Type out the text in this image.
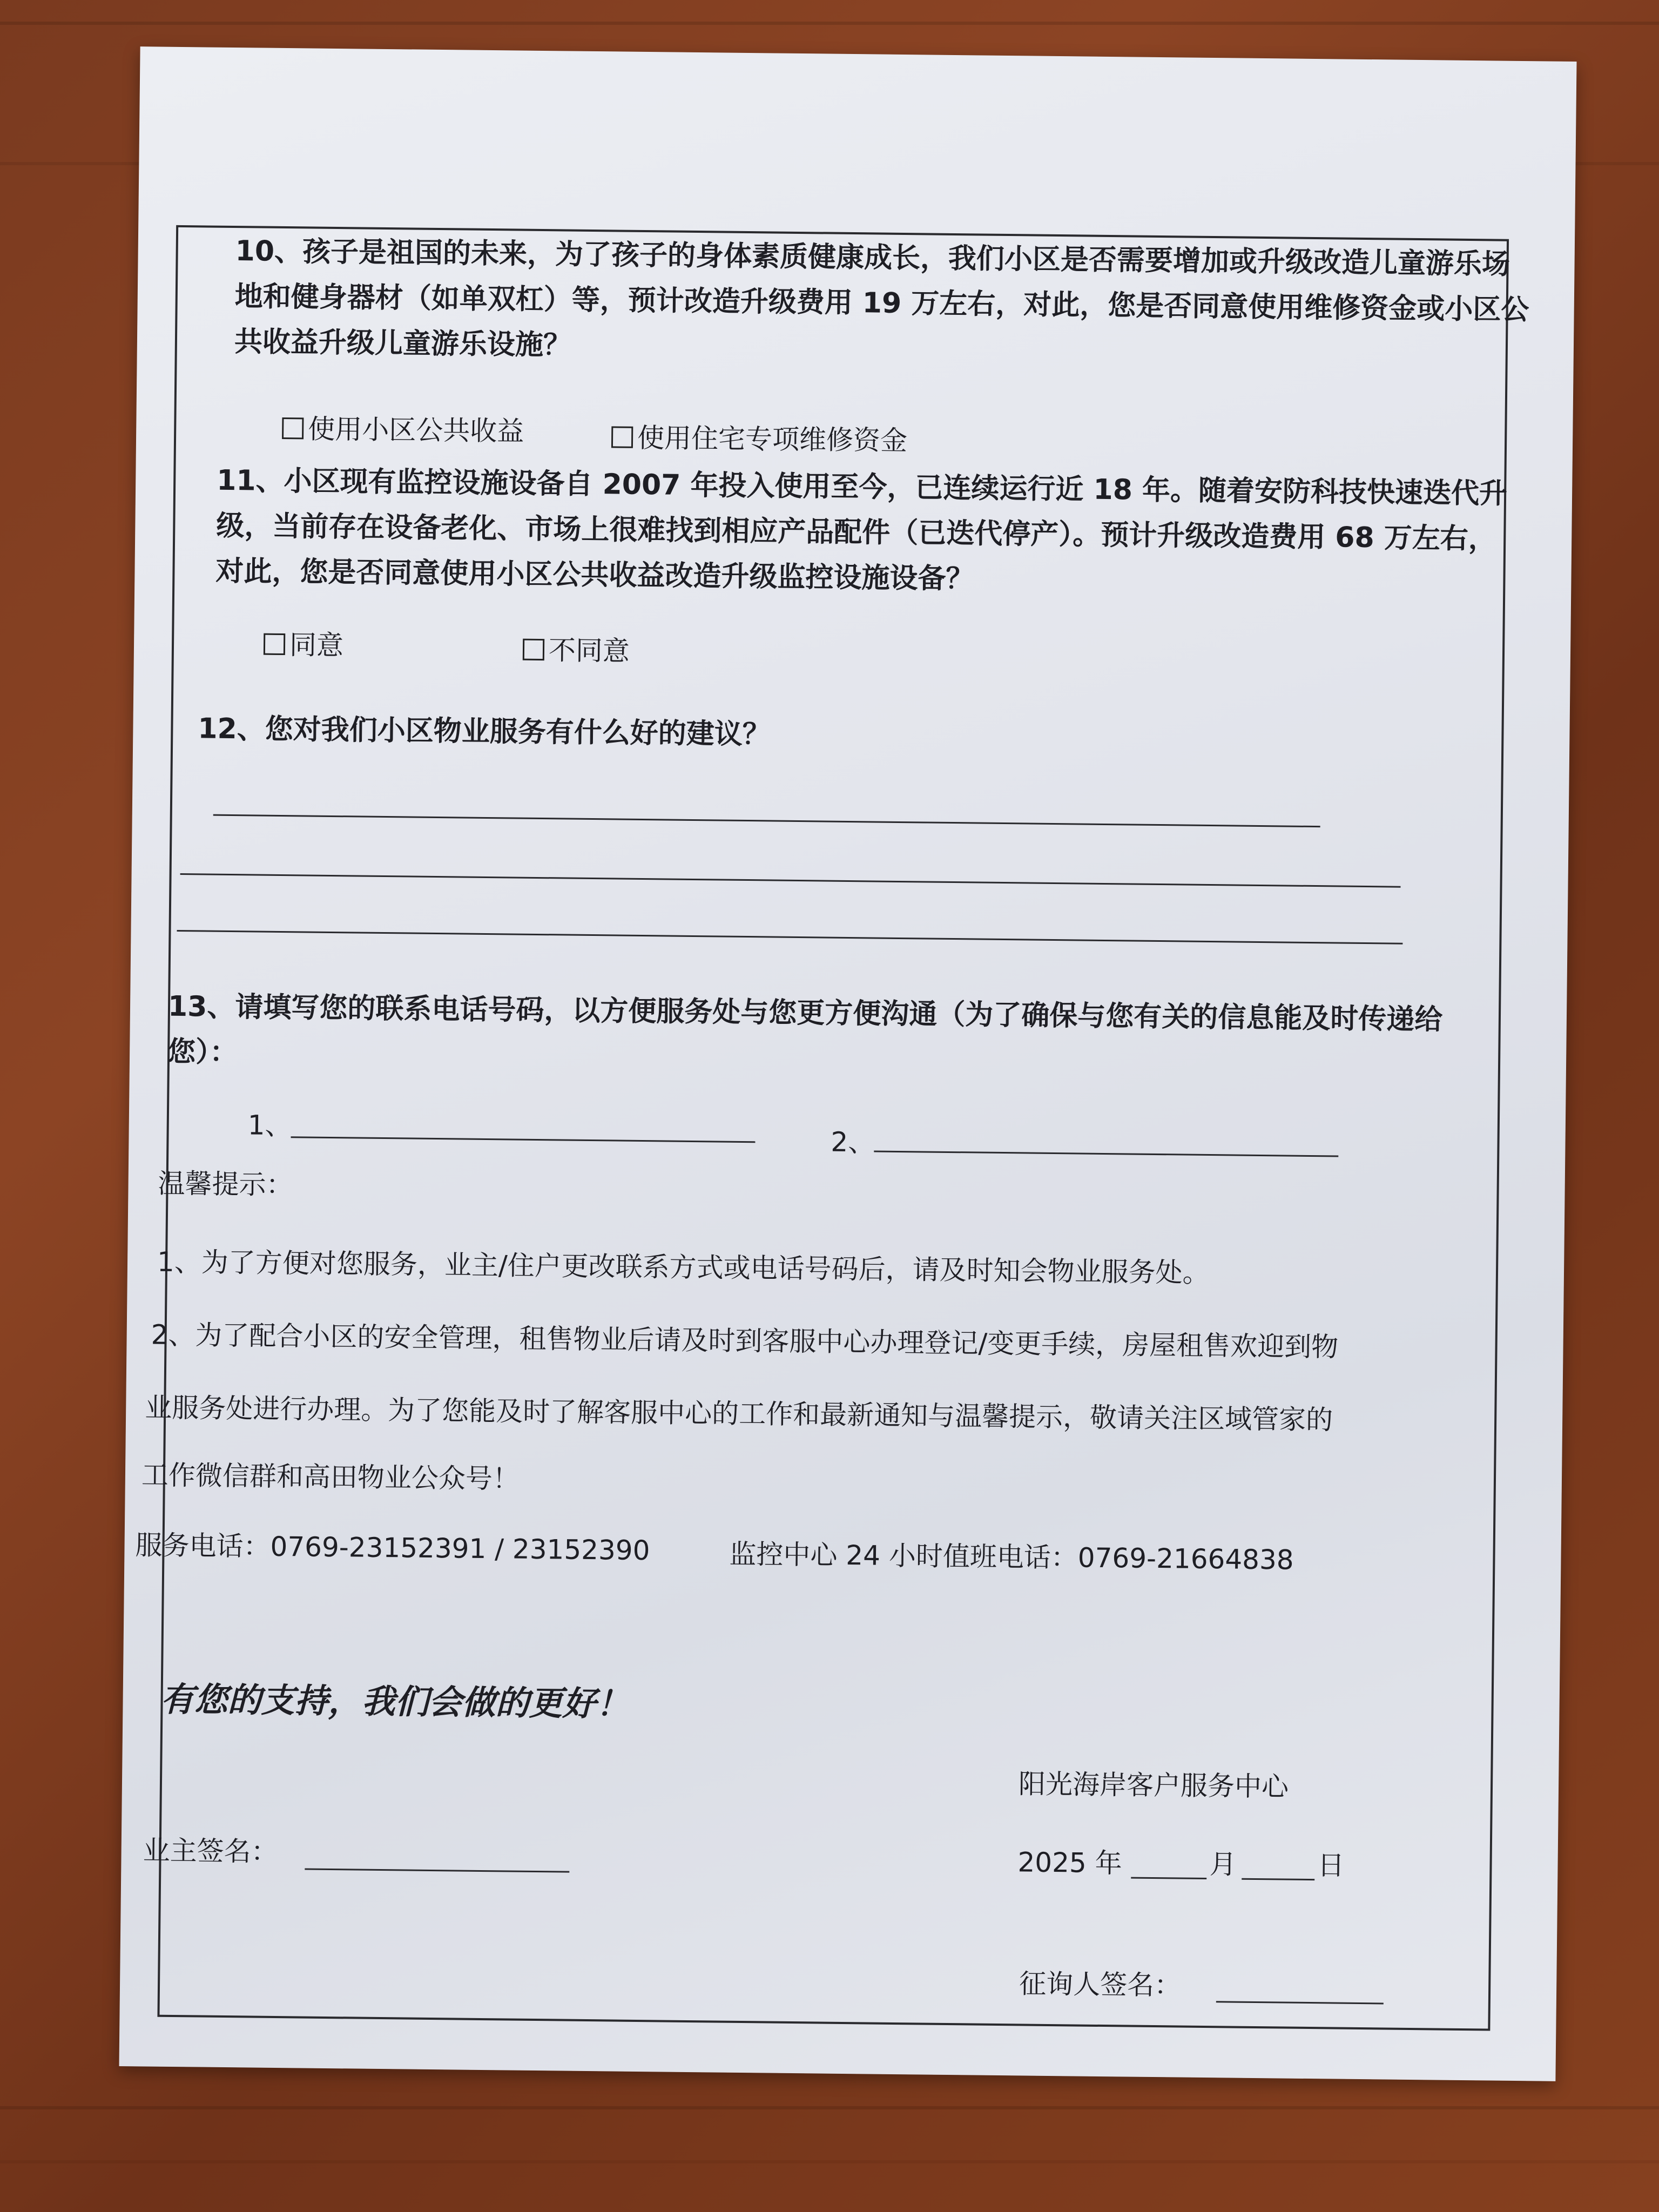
10、孩子是祖国的未来，为了孩子的身体素质健康成长，我们小区是否需要增加或升级改造儿童游乐场地和健身器材（如单双杠）等，预计改造升级费用 19 万左右，对此，您是否同意使用维修资金或小区公共收益升级儿童游乐设施？
使用小区公共收益	使用住宅专项维修资金
11、小区现有监控设施设备自 2007 年投入使用至今，已连续运行近 18 年。随着安防科技快速迭代升级，当前存在设备老化、市场上很难找到相应产品配件（已迭代停产）。预计升级改造费用 68 万左右，对此，您是否同意使用小区公共收益改造升级监控设施设备？
同意	不同意
12、您对我们小区物业服务有什么好的建议？
13、请填写您的联系电话号码，以方便服务处与您更方便沟通（为了确保与您有关的信息能及时传递给您）：
1、
2、
温馨提示：
1、为了方便对您服务，业主/住户更改联系方式或电话号码后，请及时知会物业服务处。
2、为了配合小区的安全管理，租售物业后请及时到客服中心办理登记/变更手续，房屋租售欢迎到物
业服务处进行办理。为了您能及时了解客服中心的工作和最新通知与温馨提示，敬请关注区域管家的
工作微信群和高田物业公众号！
服务电话：0769-23152391 / 23152390	监控中心 24 小时值班电话：0769-21664838
有您的支持，我们会做的更好！
阳光海岸客户服务中心
业主签名：	2025 年	月	日
征询人签名：
